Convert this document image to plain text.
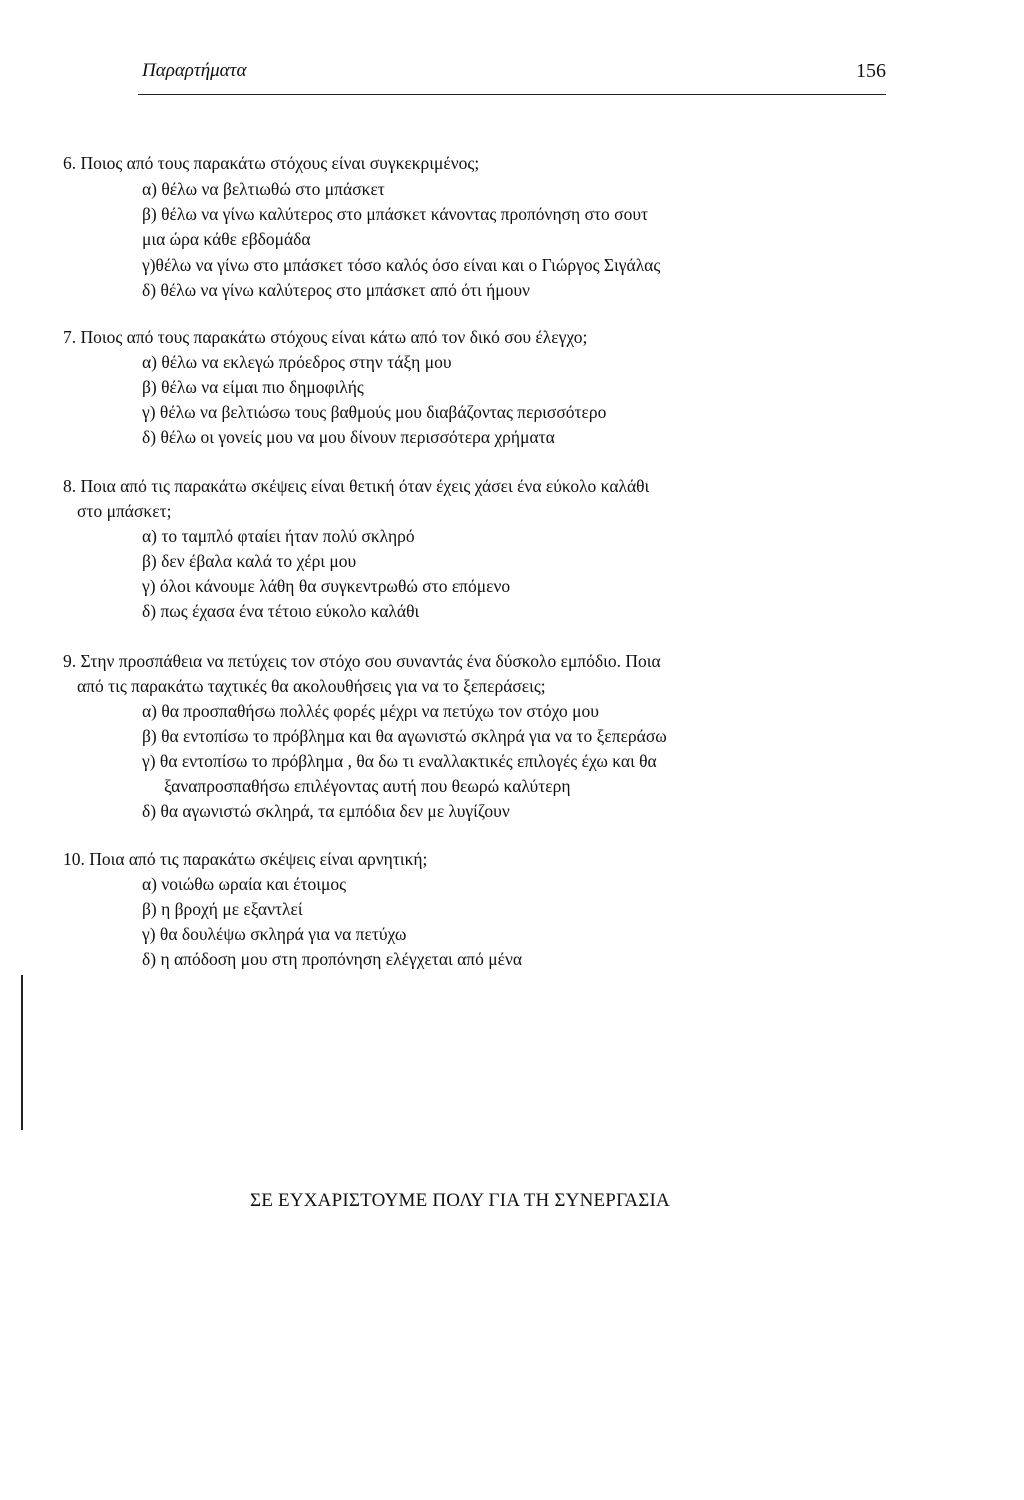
Παραρτήματα	156
6. Ποιος από τους παρακάτω στόχους είναι συγκεκριμένος;
α) θέλω να βελτιωθώ στο μπάσκετ
β) θέλω να γίνω καλύτερος στο μπάσκετ κάνοντας προπόνηση στο σουτ
μια ώρα κάθε εβδομάδα
γ)θέλω να γίνω στο μπάσκετ τόσο καλός όσο είναι και ο Γιώργος Σιγάλας
δ) θέλω να γίνω καλύτερος στο μπάσκετ από ότι ήμουν
7. Ποιος από τους παρακάτω στόχους είναι κάτω από τον δικό σου έλεγχο;
α) θέλω να εκλεγώ πρόεδρος στην τάξη μου
β) θέλω να είμαι πιο δημοφιλής
γ) θέλω να βελτιώσω τους βαθμούς μου διαβάζοντας περισσότερο
δ) θέλω οι γονείς μου να μου δίνουν περισσότερα χρήματα
8. Ποια από τις παρακάτω σκέψεις είναι θετική όταν έχεις χάσει ένα εύκολο καλάθι
στο μπάσκετ;
α) το ταμπλό φταίει ήταν πολύ σκληρό
β) δεν έβαλα καλά το χέρι μου
γ) όλοι κάνουμε λάθη θα συγκεντρωθώ στο επόμενο
δ) πως έχασα ένα τέτοιο εύκολο καλάθι
9. Στην προσπάθεια να πετύχεις τον στόχο σου συναντάς ένα δύσκολο εμπόδιο. Ποια
από τις παρακάτω ταχτικές θα ακολουθήσεις για να το ξεπεράσεις;
α) θα προσπαθήσω πολλές φορές μέχρι να πετύχω τον στόχο μου
β) θα εντοπίσω το πρόβλημα και θα αγωνιστώ σκληρά για να το ξεπεράσω
γ) θα εντοπίσω το πρόβλημα , θα δω τι εναλλακτικές επιλογές έχω και θα
ξαναπροσπαθήσω επιλέγοντας αυτή που θεωρώ καλύτερη
δ) θα αγωνιστώ σκληρά, τα εμπόδια δεν με λυγίζουν
10. Ποια από τις παρακάτω σκέψεις είναι αρνητική;
α) νοιώθω ωραία και έτοιμος
β) η βροχή με εξαντλεί
γ) θα δουλέψω σκληρά για να πετύχω
δ) η απόδοση μου στη προπόνηση ελέγχεται από μένα
ΣΕ ΕΥΧΑΡΙΣΤΟΥΜΕ ΠΟΛΥ ΓΙΑ ΤΗ ΣΥΝΕΡΓΑΣΙΑ
